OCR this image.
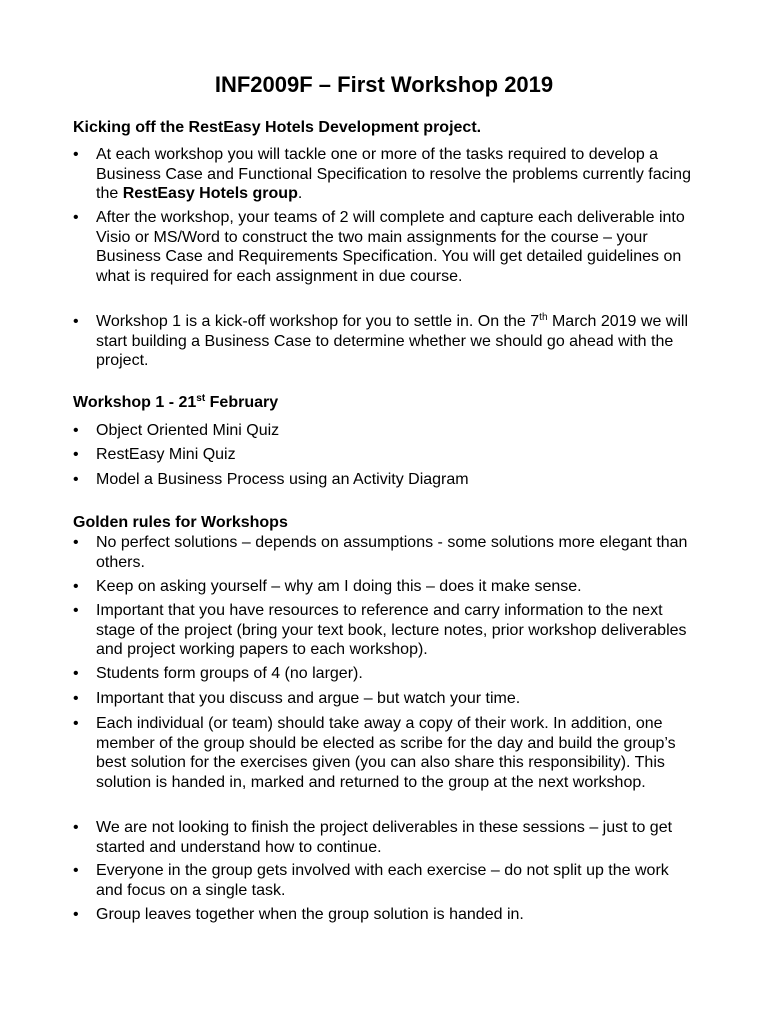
INF2009F – First Workshop 2019
Kicking off the RestEasy Hotels Development project.
•	At each workshop you will tackle one or more of the tasks required to develop a Business Case and Functional Specification to resolve the problems currently facing the RestEasy Hotels group.
•	After the workshop, your teams of 2 will complete and capture each deliverable into Visio or MS/Word to construct the two main assignments for the course – your Business Case and Requirements Specification. You will get detailed guidelines on what is required for each assignment in due course.
•	Workshop 1 is a kick-off workshop for you to settle in. On the 7th March 2019 we will start building a Business Case to determine whether we should go ahead with the project.
Workshop 1 - 21st February
•	Object Oriented Mini Quiz
•	RestEasy Mini Quiz
•	Model a Business Process using an Activity Diagram
Golden rules for Workshops
•	No perfect solutions – depends on assumptions - some solutions more elegant than others.
•	Keep on asking yourself – why am I doing this – does it make sense.
•	Important that you have resources to reference and carry information to the next stage of the project (bring your text book, lecture notes, prior workshop deliverables and project working papers to each workshop).
•	Students form groups of 4 (no larger).
•	Important that you discuss and argue – but watch your time.
•	Each individual (or team) should take away a copy of their work. In addition, one member of the group should be elected as scribe for the day and build the group’s best solution for the exercises given (you can also share this responsibility). This solution is handed in, marked and returned to the group at the next workshop.
•	We are not looking to finish the project deliverables in these sessions – just to get started and understand how to continue.
•	Everyone in the group gets involved with each exercise – do not split up the work and focus on a single task.
•	Group leaves together when the group solution is handed in.
